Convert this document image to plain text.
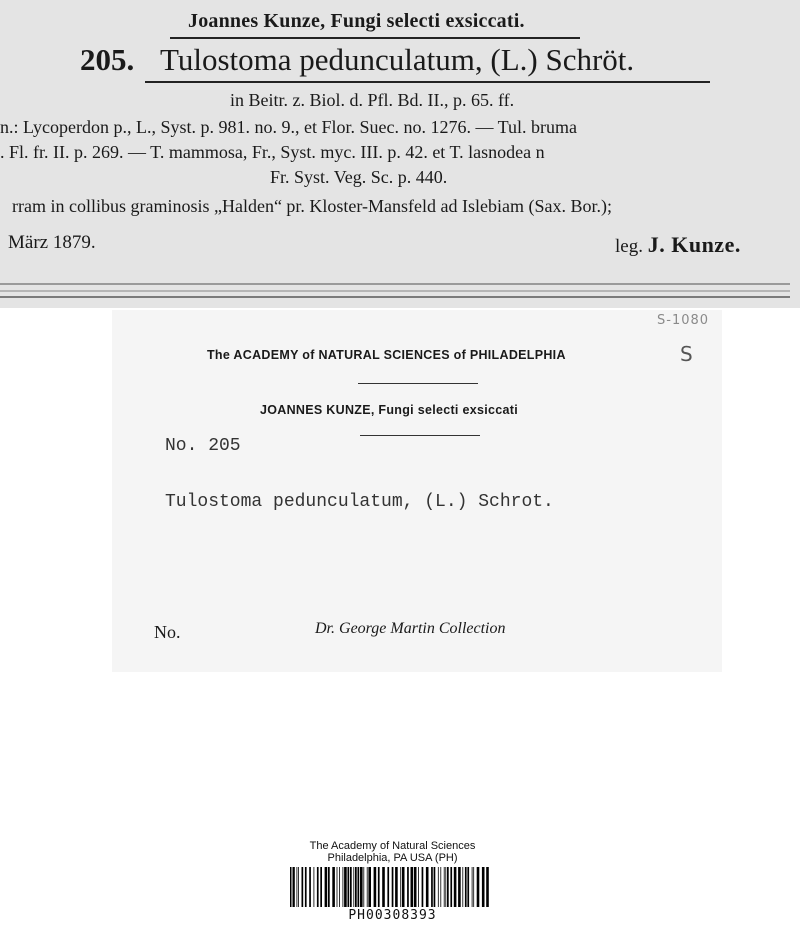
Joannes Kunze, Fungi selecti exsiccati.
205. Tulostoma pedunculatum, (L.) Schröt.
in Beitr. z. Biol. d. Pfl. Bd. II., p. 65. ff.
n.: Lycoperdon p., L., Syst. p. 981. no. 9., et Flor. Suec. no. 1276. — Tul. bruma
. Fl. fr. II. p. 269. — T. mammosa, Fr., Syst. myc. III. p. 42. et T. lasnodea n
Fr. Syst. Veg. Sc. p. 440.
rram in collibus graminosis „Halden“ pr. Kloster-Mansfeld ad Islebiam (Sax. Bor.);
März 1879.	leg. J. Kunze.
S-1080
S
The ACADEMY of NATURAL SCIENCES of PHILADELPHIA
JOANNES KUNZE, Fungi selecti exsiccati
No. 205
Tulostoma pedunculatum, (L.) Schrot.
No.	Dr. George Martin Collection
The Academy of Natural Sciences
Philadelphia, PA USA (PH)
PH00308393
